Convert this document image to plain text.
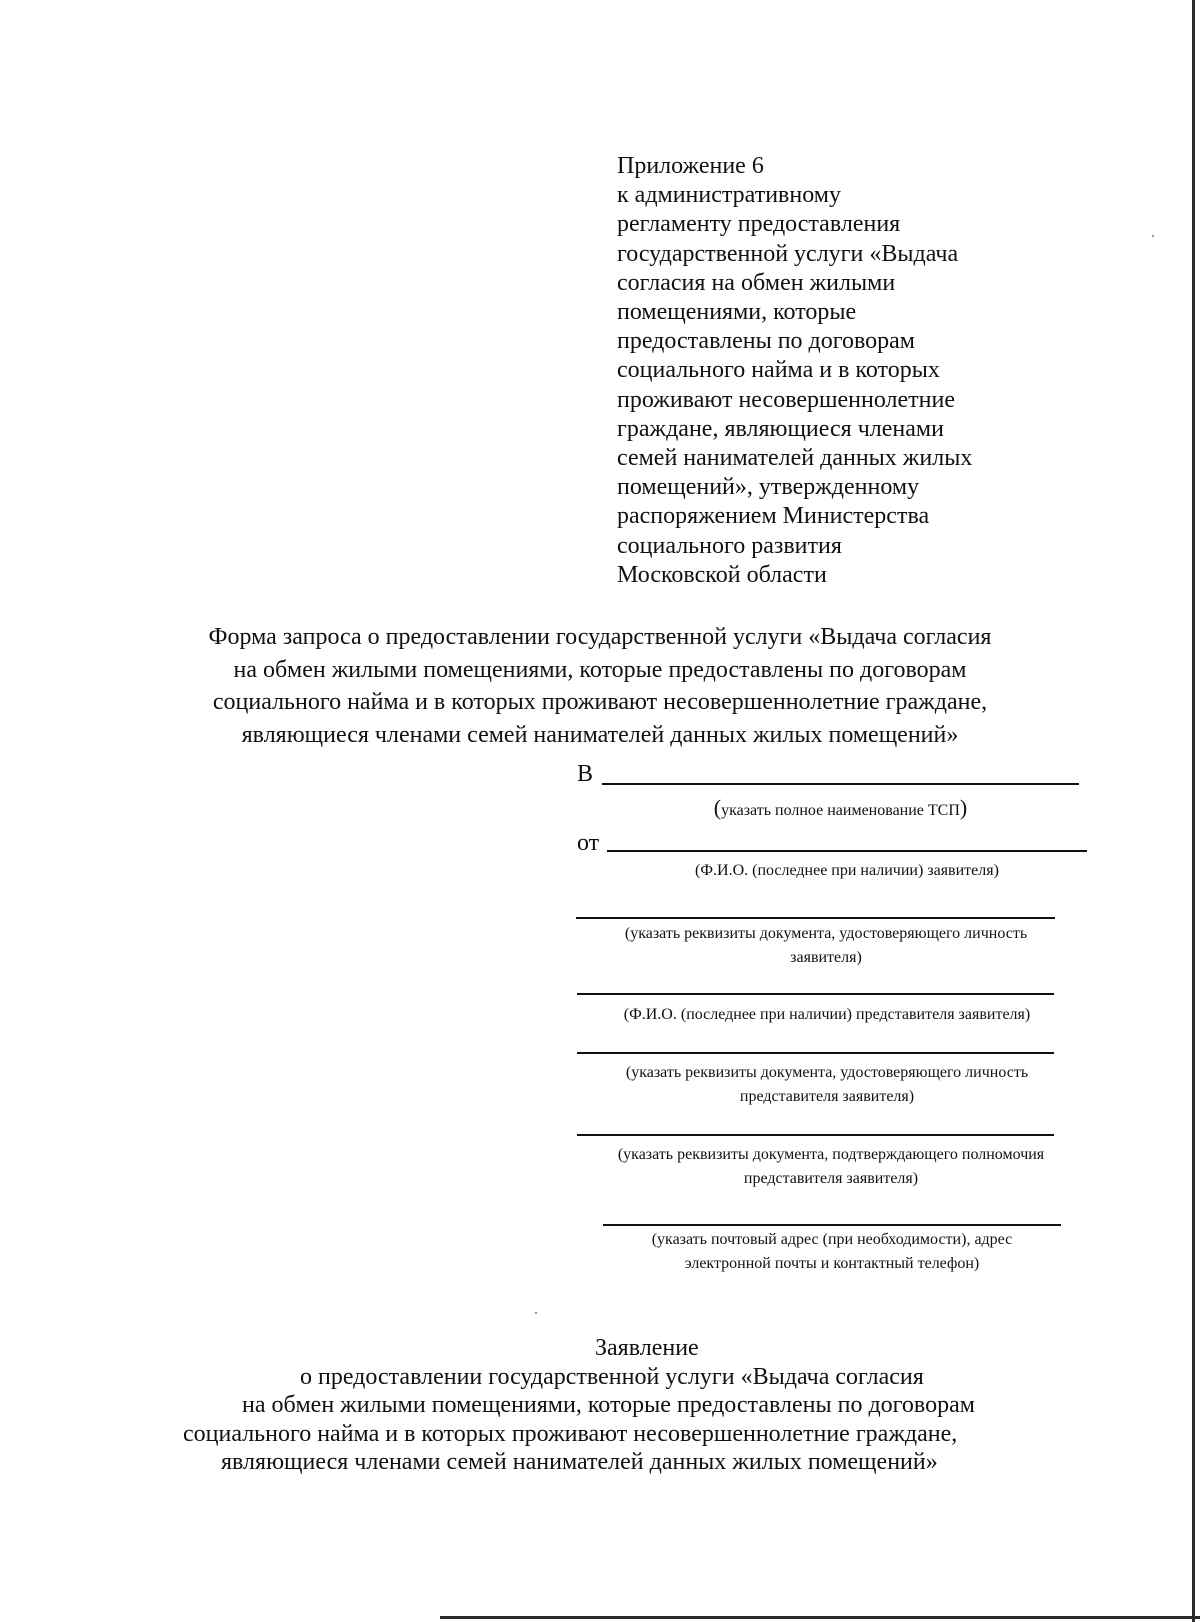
Приложение 6
к административному
регламенту предоставления
государственной услуги «Выдача
согласия на обмен жилыми
помещениями, которые
предоставлены по договорам
социального найма и в которых
проживают несовершеннолетние
граждане, являющиеся членами
семей нанимателей данных жилых
помещений», утвержденному
распоряжением Министерства
социального развития
Московской области
Форма запроса о предоставлении государственной услуги «Выдача согласия
на обмен жилыми помещениями, которые предоставлены по договорам
социального найма и в которых проживают несовершеннолетние граждане,
являющиеся членами семей нанимателей данных жилых помещений»
В
(указать полное наименование ТСП)
от
(Ф.И.О. (последнее при наличии) заявителя)
(указать реквизиты документа, удостоверяющего личность
заявителя)
(Ф.И.О. (последнее при наличии) представителя заявителя)
(указать реквизиты документа, удостоверяющего личность
представителя заявителя)
(указать реквизиты документа, подтверждающего полномочия
представителя заявителя)
(указать почтовый адрес (при необходимости), адрес
электронной почты и контактный телефон)
Заявление
о предоставлении государственной услуги «Выдача согласия
на обмен жилыми помещениями, которые предоставлены по договорам
социального найма и в которых проживают несовершеннолетние граждане,
являющиеся членами семей нанимателей данных жилых помещений»
